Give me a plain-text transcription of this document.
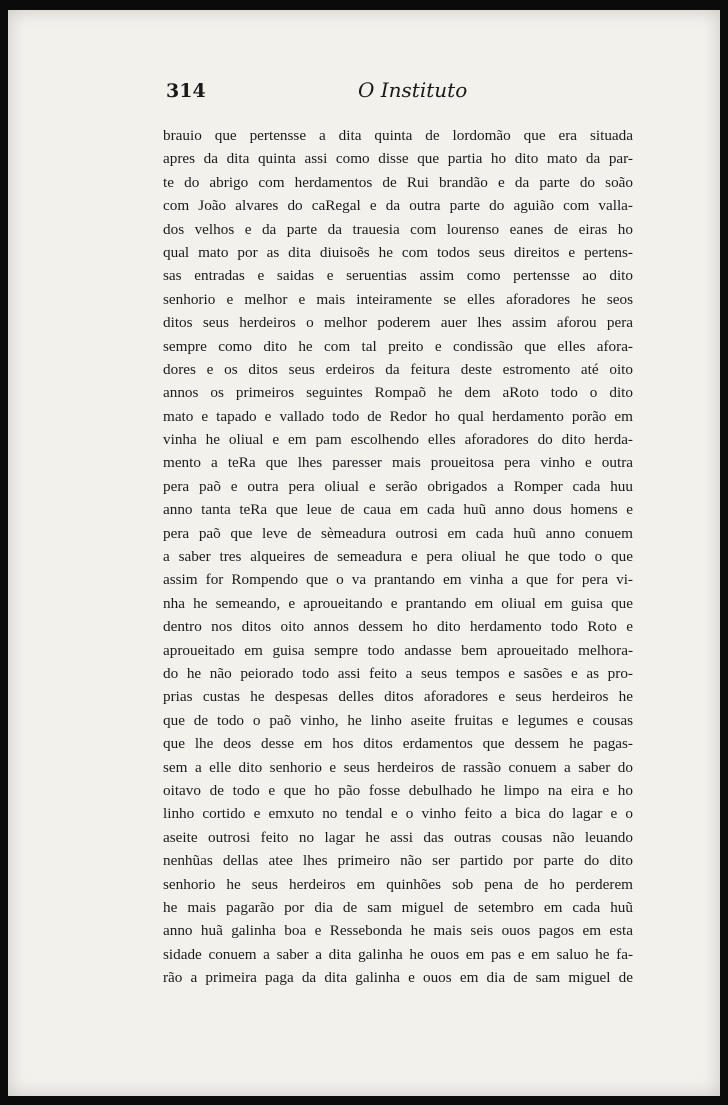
314	O Instituto
brauio que pertensse a dita quinta de lordomão que era situada
apres da dita quinta assi como disse que partia ho dito mato da par-
te do abrigo com herdamentos de Rui brandão e da parte do soão
com João alvares do caRegal e da outra parte do aguião com valla-
dos velhos e da parte da trauesia com lourenso eanes de eiras ho
qual mato por as dita diuisoẽs he com todos seus direitos e pertens-
sas entradas e saidas e seruentias assim como pertensse ao dito
senhorio e melhor e mais inteiramente se elles aforadores he seos
ditos seus herdeiros o melhor poderem auer lhes assim aforou pera
sempre como dito he com tal preito e condissão que elles afora-
dores e os ditos seus erdeiros da feitura deste estromento até oito
annos os primeiros seguintes Rompaõ he dem aRoto todo o dito
mato e tapado e vallado todo de Redor ho qual herdamento porão em
vinha he oliual e em pam escolhendo elles aforadores do dito herda-
mento a teRa que lhes paresser mais proueitosa pera vinho e outra
pera paõ e outra pera oliual e serão obrigados a Romper cada huu
anno tanta teRa que leue de caua em cada huũ anno dous homens e
pera paõ que leve de sèmeadura outrosi em cada huũ anno conuem
a saber tres alqueires de semeadura e pera oliual he que todo o que
assim for Rompendo que o va prantando em vinha a que for pera vi-
nha he semeando, e aproueitando e prantando em oliual em guisa que
dentro nos ditos oito annos dessem ho dito herdamento todo Roto e
aproueitado em guisa sempre todo andasse bem aproueitado melhora-
do he não peiorado todo assi feito a seus tempos e sasões e as pro-
prias custas he despesas delles ditos aforadores e seus herdeiros he
que de todo o paõ vinho, he linho aseite fruitas e legumes e cousas
que lhe deos desse em hos ditos erdamentos que dessem he pagas-
sem a elle dito senhorio e seus herdeiros de rassão conuem a saber do
oitavo de todo e que ho pão fosse debulhado he limpo na eira e ho
linho cortido e emxuto no tendal e o vinho feito a bica do lagar e o
aseite outrosi feito no lagar he assi das outras cousas não leuando
nenhũas dellas atee lhes primeiro não ser partido por parte do dito
senhorio he seus herdeiros em quinhões sob pena de ho perderem
he mais pagarão por dia de sam miguel de setembro em cada huũ
anno huã galinha boa e Ressebonda he mais seis ouos pagos em esta
sidade conuem a saber a dita galinha he ouos em pas e em saluo he fa-
rão a primeira paga da dita galinha e ouos em dia de sam miguel de
